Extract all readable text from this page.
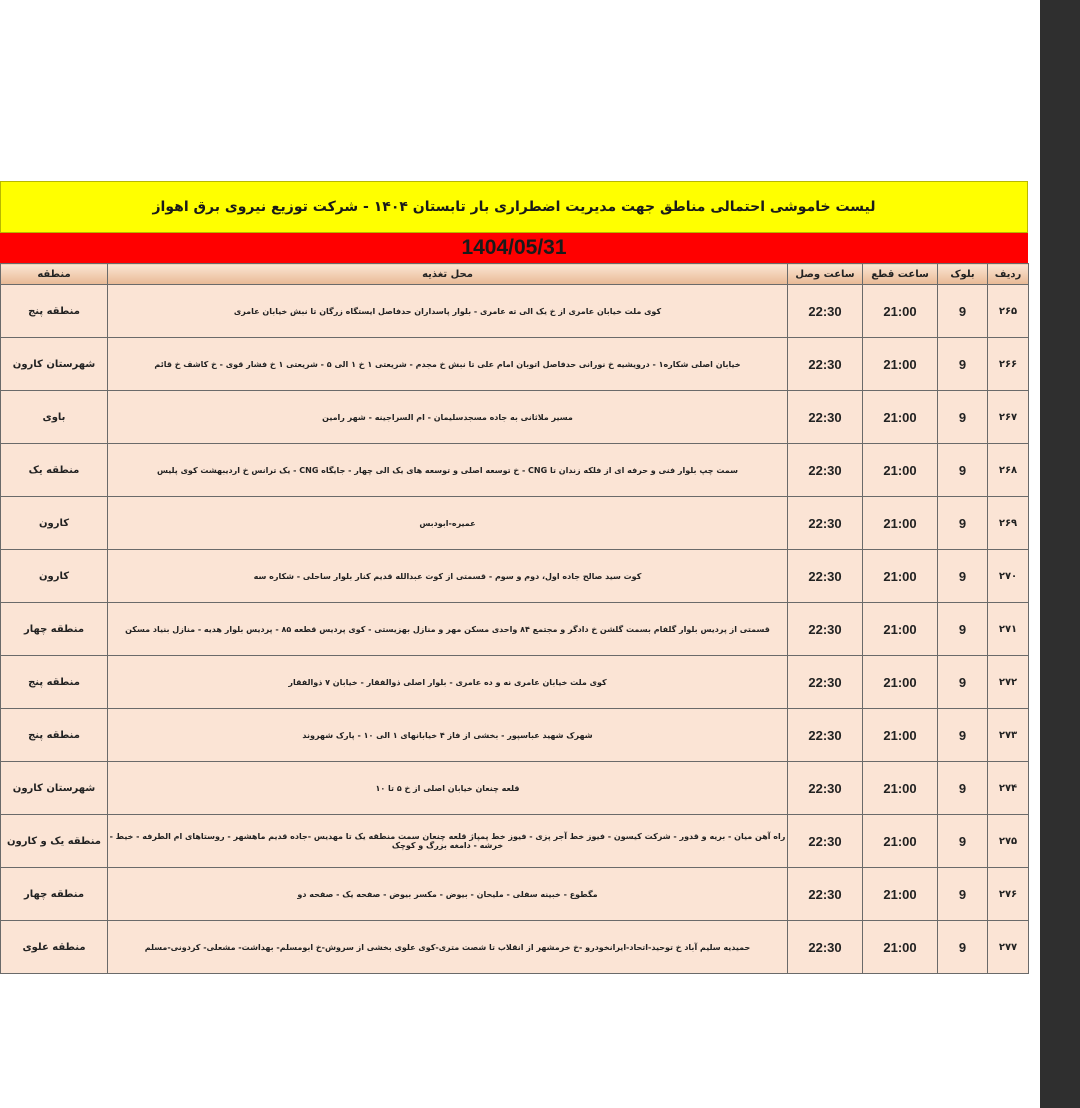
لیست خاموشی احتمالی مناطق جهت مدیریت اضطراری بار تابستان ۱۴۰۴ - شرکت توزیع نیروی برق اهواز
1404/05/31
ردیف	بلوک	ساعت قطع	ساعت وصل	محل تغذیه	منطقه
۲۶۵	9	21:00	22:30	کوی ملت خیابان عامری از خ یک الی ته عامری - بلوار پاسداران حدفاصل ایستگاه زرگان تا نبش خیابان عامری	منطقه پنج
۲۶۶	9	21:00	22:30	خیابان اصلی شکاره۱ - درویشیه خ نورانی حدفاصل اتوبان امام علی تا نبش خ مجدم - شریعتی ۱ خ ۱ الی ۵ - شریعتی ۱ خ فشار قوی - خ کاشف خ قائم	شهرستان کارون
۲۶۷	9	21:00	22:30	مسیر ملاثانی به جاده مسجدسلیمان - ام السراجینه - شهر رامین	باوی
۲۶۸	9	21:00	22:30	سمت چپ بلوار فنی و حرفه ای از فلکه زندان تا CNG - خ توسعه اصلی و توسعه های یک الی چهار - جایگاه CNG - یک ترانس خ اردیبهشت کوی پلیس	منطقه یک
۲۶۹	9	21:00	22:30	عمیره-ابودبس	کارون
۲۷۰	9	21:00	22:30	کوت سید صالح جاده اول، دوم و سوم - قسمتی از کوت عبدالله قدیم کنار بلوار ساحلی - شکاره سه	کارون
۲۷۱	9	21:00	22:30	قسمتی از پردیس بلوار گلفام بسمت گلشن خ دادگر و مجتمع ۸۴ واحدی مسکن مهر و منازل بهزیستی - کوی پردیس قطعه ۸۵ - پردیس بلوار هدیه - منازل بنیاد مسکن	منطقه چهار
۲۷۲	9	21:00	22:30	کوی ملت خیابان عامری نه و ده عامری - بلوار اصلی ذوالفقار - خیابان ۷ ذوالفقار	منطقه پنج
۲۷۳	9	21:00	22:30	شهرک شهید عباسپور - بخشی از فاز ۴ خیابانهای ۱ الی ۱۰ - پارک شهروند	منطقه پنج
۲۷۴	9	21:00	22:30	قلعه چنعان خیابان اصلی از خ ۵ تا ۱۰	شهرستان کارون
۲۷۵	9	21:00	22:30	راه آهن میان - بریه و قدور - شرکت کیسون - فیوز خط آجر پزی - فیوز خط پمپاژ قلعه چنعان سمت منطقه یک تا مهدیس -جاده قدیم ماهشهر - روستاهای ام الطرفه - خیط - خرشه - دامغه بزرگ و کوچک	منطقه یک و کارون
۲۷۶	9	21:00	22:30	مگطوع - خبینه سفلی - ملیحان - بیوض - مکسر بیوض - صفحه یک - صفحه دو	منطقه چهار
۲۷۷	9	21:00	22:30	حمیدیه سلیم آباد خ توحید-اتحاد-ایرانخودرو -خ خرمشهر از انقلاب تا شصت متری-کوی علوی بخشی از سروش-خ ابومسلم- بهداشت- مشعلی- کردونی-مسلم	منطقه علوی
